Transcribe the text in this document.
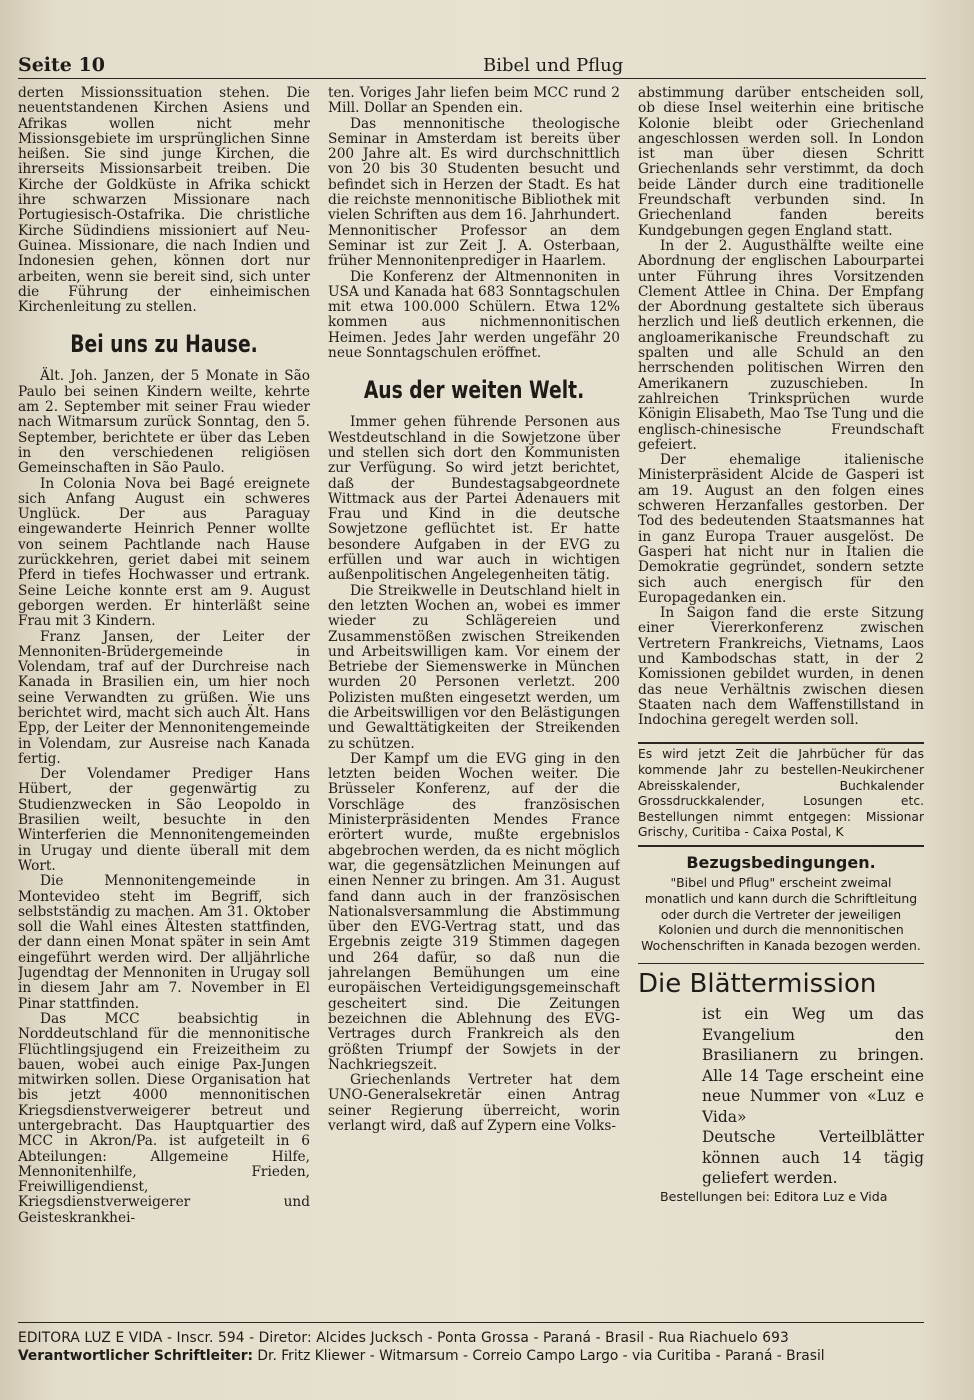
Seite 10	Bibel und Pflug

derten Missionssituation stehen. Die neuentstandenen Kirchen Asiens und Afrikas wollen nicht mehr Missionsgebiete im ursprünglichen Sinne heißen. Sie sind junge Kirchen, die ihrerseits Missionsarbeit treiben. Die Kirche der Goldküste in Afrika schickt ihre schwarzen Missionare nach Portugiesisch-Ostafrika. Die christliche Kirche Südindiens missioniert auf Neu-Guinea. Missionare, die nach Indien und Indonesien gehen, können dort nur arbeiten, wenn sie bereit sind, sich unter die Führung der einheimischen Kirchenleitung zu stellen.

Bei uns zu Hause.

Ält. Joh. Janzen, der 5 Monate in São Paulo bei seinen Kindern weilte, kehrte am 2. September mit seiner Frau wieder nach Witmarsum zurück Sonntag, den 5. September, berichtete er über das Leben in den verschiedenen religiösen Gemeinschaften in São Paulo.

In Colonia Nova bei Bagé ereignete sich Anfang August ein schweres Unglück. Der aus Paraguay eingewanderte Heinrich Penner wollte von seinem Pachtlande nach Hause zurückkehren, geriet dabei mit seinem Pferd in tiefes Hochwasser und ertrank. Seine Leiche konnte erst am 9. August geborgen werden. Er hinterläßt seine Frau mit 3 Kindern.

Franz Jansen, der Leiter der Mennoniten-Brüdergemeinde in Volendam, traf auf der Durchreise nach Kanada in Brasilien ein, um hier noch seine Verwandten zu grüßen. Wie uns berichtet wird, macht sich auch Ält. Hans Epp, der Leiter der Mennonitengemeinde in Volendam, zur Ausreise nach Kanada fertig.

Der Volendamer Prediger Hans Hübert, der gegenwärtig zu Studienzwecken in São Leopoldo in Brasilien weilt, besuchte in den Winterferien die Mennonitengemeinden in Urugay und diente überall mit dem Wort.

Die Mennonitengemeinde in Montevideo steht im Begriff, sich selbstständig zu machen. Am 31. Oktober soll die Wahl eines Ältesten stattfinden, der dann einen Monat später in sein Amt eingeführt werden wird. Der alljährliche Jugendtag der Mennoniten in Urugay soll in diesem Jahr am 7. November in El Pinar stattfinden.

Das MCC beabsichtig in Norddeutschland für die mennonitische Flüchtlingsjugend ein Freizeitheim zu bauen, wobei auch einige Pax-Jungen mitwirken sollen. Diese Organisation hat bis jetzt 4000 mennonitischen Kriegsdienstverweigerer betreut und untergebracht. Das Hauptquartier des MCC in Akron/Pa. ist aufgeteilt in 6 Abteilungen: Allgemeine Hilfe, Mennonitenhilfe, Frieden, Freiwilligendienst, Kriegsdienstverweigerer und Geisteskrankhei-

ten. Voriges Jahr liefen beim MCC rund 2 Mill. Dollar an Spenden ein.

Das mennonitische theologische Seminar in Amsterdam ist bereits über 200 Jahre alt. Es wird durchschnittlich von 20 bis 30 Studenten besucht und befindet sich in Herzen der Stadt. Es hat die reichste mennonitische Bibliothek mit vielen Schriften aus dem 16. Jahrhundert. Mennonitischer Professor an dem Seminar ist zur Zeit J. A. Osterbaan, früher Mennonitenprediger in Haarlem.

Die Konferenz der Altmennoniten in USA und Kanada hat 683 Sonntagschulen mit etwa 100.000 Schülern. Etwa 12% kommen aus nichmennonitischen Heimen. Jedes Jahr werden ungefähr 20 neue Sonntagschulen eröffnet.

Aus der weiten Welt.

Immer gehen führende Personen aus Westdeutschland in die Sowjetzone über und stellen sich dort den Kommunisten zur Verfügung. So wird jetzt berichtet, daß der Bundestagsabgeordnete Wittmack aus der Partei Adenauers mit Frau und Kind in die deutsche Sowjetzone geflüchtet ist. Er hatte besondere Aufgaben in der EVG zu erfüllen und war auch in wichtigen außenpolitischen Angelegenheiten tätig.

Die Streikwelle in Deutschland hielt in den letzten Wochen an, wobei es immer wieder zu Schlägereien und Zusammenstößen zwischen Streikenden und Arbeitswilligen kam. Vor einem der Betriebe der Siemenswerke in München wurden 20 Personen verletzt. 200 Polizisten mußten eingesetzt werden, um die Arbeitswilligen vor den Belästigungen und Gewalttätigkeiten der Streikenden zu schützen.

Der Kampf um die EVG ging in den letzten beiden Wochen weiter. Die Brüsseler Konferenz, auf der die Vorschläge des französischen Ministerpräsidenten Mendes France erörtert wurde, mußte ergebnislos abgebrochen werden, da es nicht möglich war, die gegensätzlichen Meinungen auf einen Nenner zu bringen. Am 31. August fand dann auch in der französischen Nationalsversammlung die Abstimmung über den EVG-Vertrag statt, und das Ergebnis zeigte 319 Stimmen dagegen und 264 dafür, so daß nun die jahrelangen Bemühungen um eine europäischen Verteidigungsgemeinschaft gescheitert sind. Die Zeitungen bezeichnen die Ablehnung des EVG-Vertrages durch Frankreich als den größten Triumpf der Sowjets in der Nachkriegszeit.

Griechenlands Vertreter hat dem UNO-Generalsekretär einen Antrag seiner Regierung überreicht, worin verlangt wird, daß auf Zypern eine Volks-

abstimmung darüber entscheiden soll, ob diese Insel weiterhin eine britische Kolonie bleibt oder Griechenland angeschlossen werden soll. In London ist man über diesen Schritt Griechenlands sehr verstimmt, da doch beide Länder durch eine traditionelle Freundschaft verbunden sind. In Griechenland fanden bereits Kundgebungen gegen England statt.

In der 2. Augusthälfte weilte eine Abordnung der englischen Labourpartei unter Führung ihres Vorsitzenden Clement Attlee in China. Der Empfang der Abordnung gestaltete sich überaus herzlich und ließ deutlich erkennen, die angloamerikanische Freundschaft zu spalten und alle Schuld an den herrschenden politischen Wirren den Amerikanern zuzuschieben. In zahlreichen Trinksprüchen wurde Königin Elisabeth, Mao Tse Tung und die englisch-chinesische Freundschaft gefeiert.

Der ehemalige italienische Ministerpräsident Alcide de Gasperi ist am 19. August an den folgen eines schweren Herzanfalles gestorben. Der Tod des bedeutenden Staatsmannes hat in ganz Europa Trauer ausgelöst. De Gasperi hat nicht nur in Italien die Demokratie gegründet, sondern setzte sich auch energisch für den Europagedanken ein.

In Saigon fand die erste Sitzung einer Viererkonferenz zwischen Vertretern Frankreichs, Vietnams, Laos und Kambodschas statt, in der 2 Komissionen gebildet wurden, in denen das neue Verhältnis zwischen diesen Staaten nach dem Waffenstillstand in Indochina geregelt werden soll.

Es wird jetzt Zeit die Jahrbücher für das kommende Jahr zu bestellen-Neukirchener Abreisskalender, Buchkalender Grossdruckkalender, Losungen etc. Bestellungen nimmt entgegen: Missionar Grischy, Curitiba - Caixa Postal, K

Bezugsbedingungen.
"Bibel und Pflug" erscheint zweimal monatlich und kann durch die Schriftleitung oder durch die Vertreter der jeweiligen Kolonien und durch die mennonitischen Wochenschriften in Kanada bezogen werden.
Die Blättermission

ist ein Weg um das Evangelium den Brasilianern zu bringen. Alle 14 Tage erscheint eine neue Nummer von «Luz e Vida»

Deutsche Verteilblätter können auch 14 tägig geliefert werden.

Bestellungen bei: Editora Luz e Vida

EDITORA LUZ E VIDA - Inscr. 594 - Diretor: Alcides Jucksch - Ponta Grossa - Paraná - Brasil - Rua Riachuelo 693
Verantwortlicher Schriftleiter: Dr. Fritz Kliewer - Witmarsum - Correio Campo Largo - via Curitiba - Paraná - Brasil
